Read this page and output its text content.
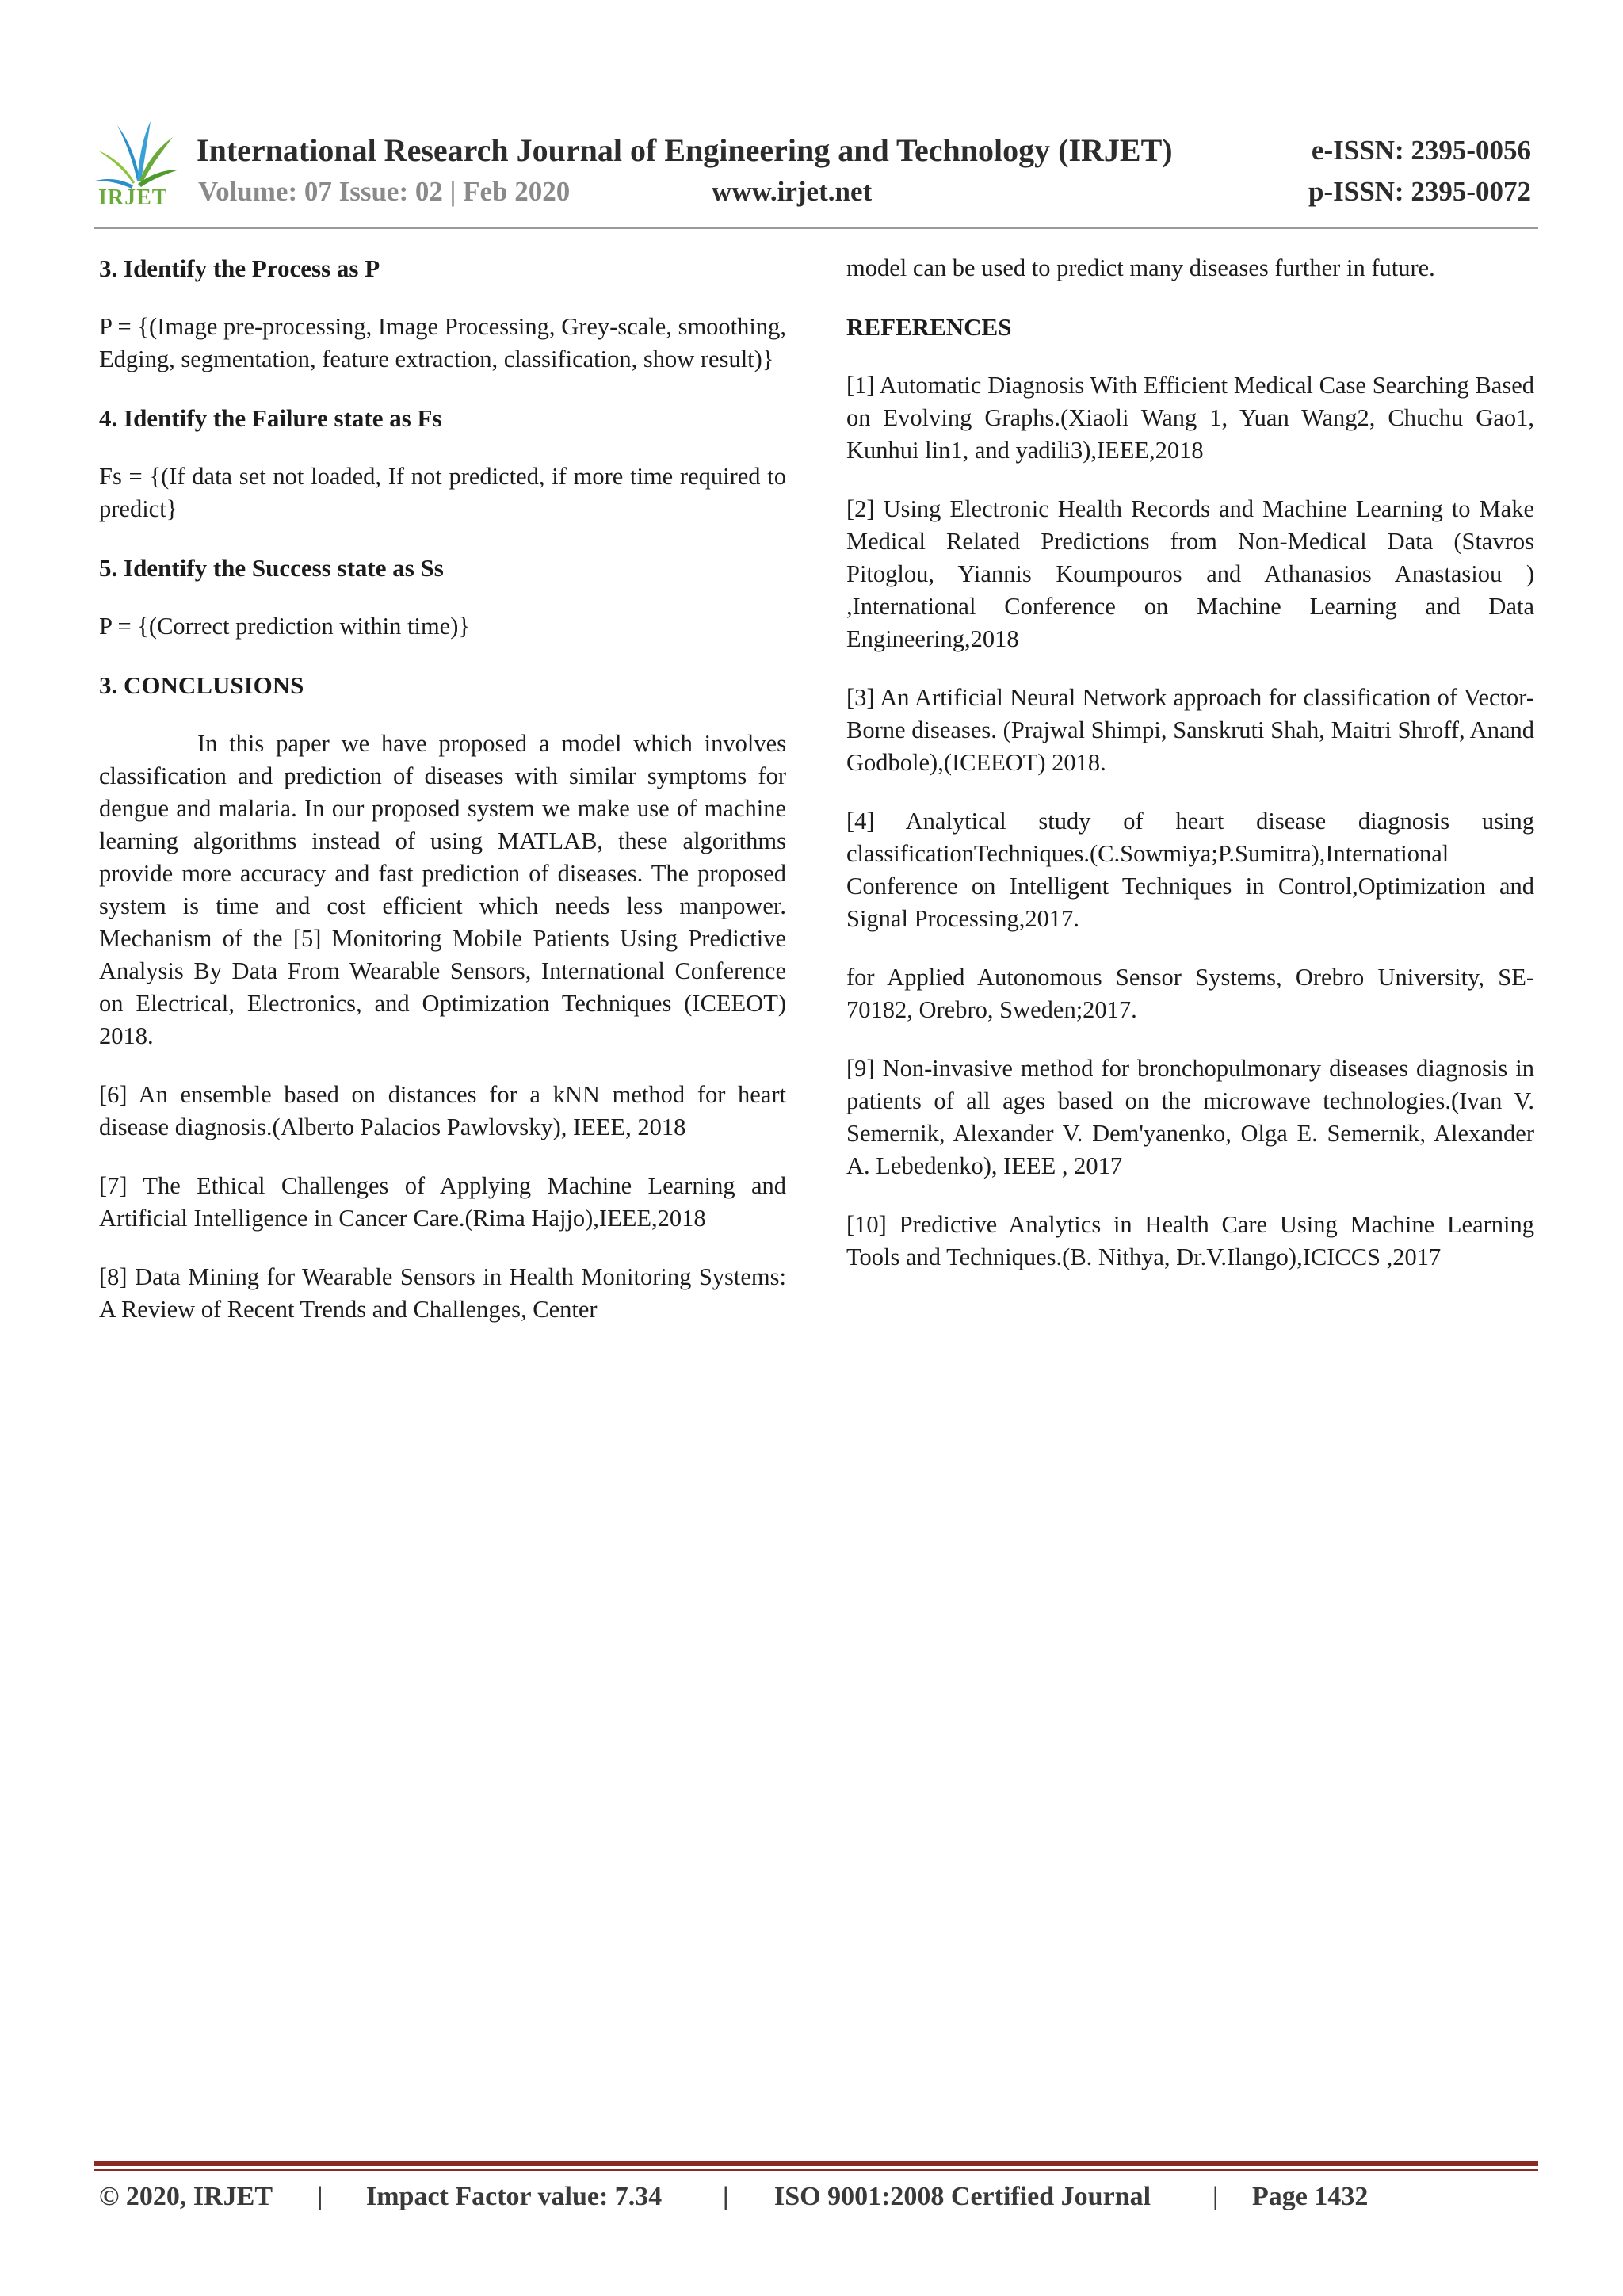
IRJET
International Research Journal of Engineering and Technology (IRJET)	e-ISSN: 2395-0056
Volume: 07 Issue: 02 | Feb 2020	www.irjet.net	p-ISSN: 2395-0072
3. Identify the Process as P

P = {(Image pre-processing, Image Processing, Grey-scale, smoothing, Edging, segmentation, feature extraction, classification, show result)}

4. Identify the Failure state as Fs

Fs = {(If data set not loaded, If not predicted, if more time required to predict}

5. Identify the Success state as Ss

P = {(Correct prediction within time)}

3. CONCLUSIONS

In this paper we have proposed a model which involves classification and prediction of diseases with similar symptoms for dengue and malaria. In our proposed system we make use of machine learning algorithms instead of using MATLAB, these algorithms provide more accuracy and fast prediction of diseases. The proposed system is time and cost efficient which needs less manpower. Mechanism of the [5] Monitoring Mobile Patients Using Predictive Analysis By Data From Wearable Sensors, International Conference on Electrical, Electronics, and Optimization Techniques (ICEEOT) 2018.

[6] An ensemble based on distances for a kNN method for heart disease diagnosis.(Alberto Palacios Pawlovsky), IEEE, 2018

[7] The Ethical Challenges of Applying Machine Learning and Artificial Intelligence in Cancer Care.(Rima Hajjo),IEEE,2018

[8] Data Mining for Wearable Sensors in Health Monitoring Systems: A Review of Recent Trends and Challenges, Center

model can be used to predict many diseases further in future.

REFERENCES

[1] Automatic Diagnosis With Efficient Medical Case Searching Based on Evolving Graphs.(Xiaoli Wang 1, Yuan Wang2, Chuchu Gao1, Kunhui lin1, and yadili3),IEEE,2018

[2] Using Electronic Health Records and Machine Learning to Make Medical Related Predictions from Non-Medical Data (Stavros Pitoglou, Yiannis Koumpouros and Athanasios Anastasiou ) ,International Conference on Machine Learning and Data Engineering,2018

[3] An Artificial Neural Network approach for classification of Vector-Borne diseases. (Prajwal Shimpi, Sanskruti Shah, Maitri Shroff, Anand Godbole),(ICEEOT) 2018.

[4] Analytical study of heart disease diagnosis using classificationTechniques.(C.Sowmiya;P.Sumitra),International Conference on Intelligent Techniques in Control,Optimization and Signal Processing,2017.

for Applied Autonomous Sensor Systems, Orebro University, SE-70182, Orebro, Sweden;2017.

[9] Non-invasive method for bronchopulmonary diseases diagnosis in patients of all ages based on the microwave technologies.(Ivan V. Semernik, Alexander V. Dem'yanenko, Olga E. Semernik, Alexander A. Lebedenko), IEEE , 2017

[10] Predictive Analytics in Health Care Using Machine Learning Tools and Techniques.(B. Nithya, Dr.V.Ilango),ICICCS ,2017

© 2020, IRJET | Impact Factor value: 7.34 | ISO 9001:2008 Certified Journal | Page 1432
